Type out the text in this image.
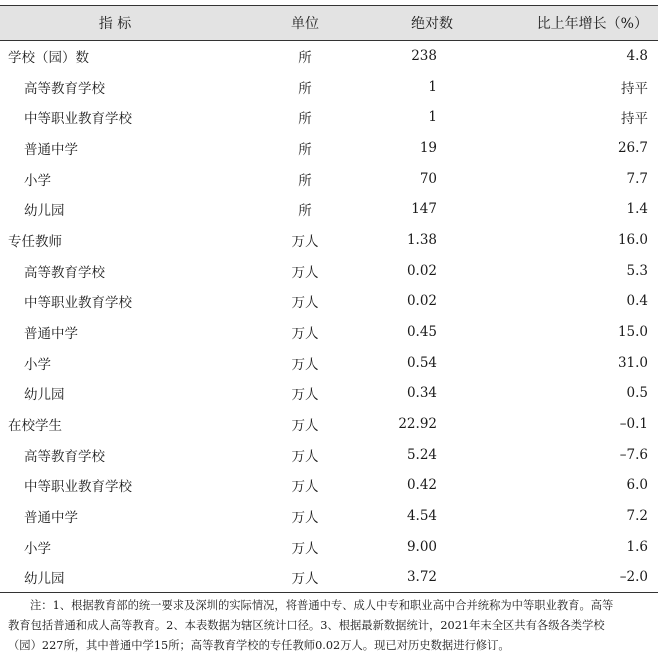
指 标	单位	绝对数	比上年增长（%）
学校（园）数	所	238	4.8
高等教育学校	所	1	持平
中等职业教育学校	所	1	持平
普通中学	所	19	26.7
小学	所	70	7.7
幼儿园	所	147	1.4
专任教师	万人	1.38	16.0
高等教育学校	万人	0.02	5.3
中等职业教育学校	万人	0.02	0.4
普通中学	万人	0.45	15.0
小学	万人	0.54	31.0
幼儿园	万人	0.34	0.5
在校学生	万人	22.92	–0.1
高等教育学校	万人	5.24	–7.6
中等职业教育学校	万人	0.42	6.0
普通中学	万人	4.54	7.2
小学	万人	9.00	1.6
幼儿园	万人	3.72	–2.0
注：1、根据教育部的统一要求及深圳的实际情况，将普通中专、成人中专和职业高中合并统称为中等职业教育。高等教育包括普通和成人高等教育。2、本表数据为辖区统计口径。3、根据最新数据统计，2021年末全区共有各级各类学校（园）227所，其中普通中学15所；高等教育学校的专任教师0.02万人。现已对历史数据进行修订。
